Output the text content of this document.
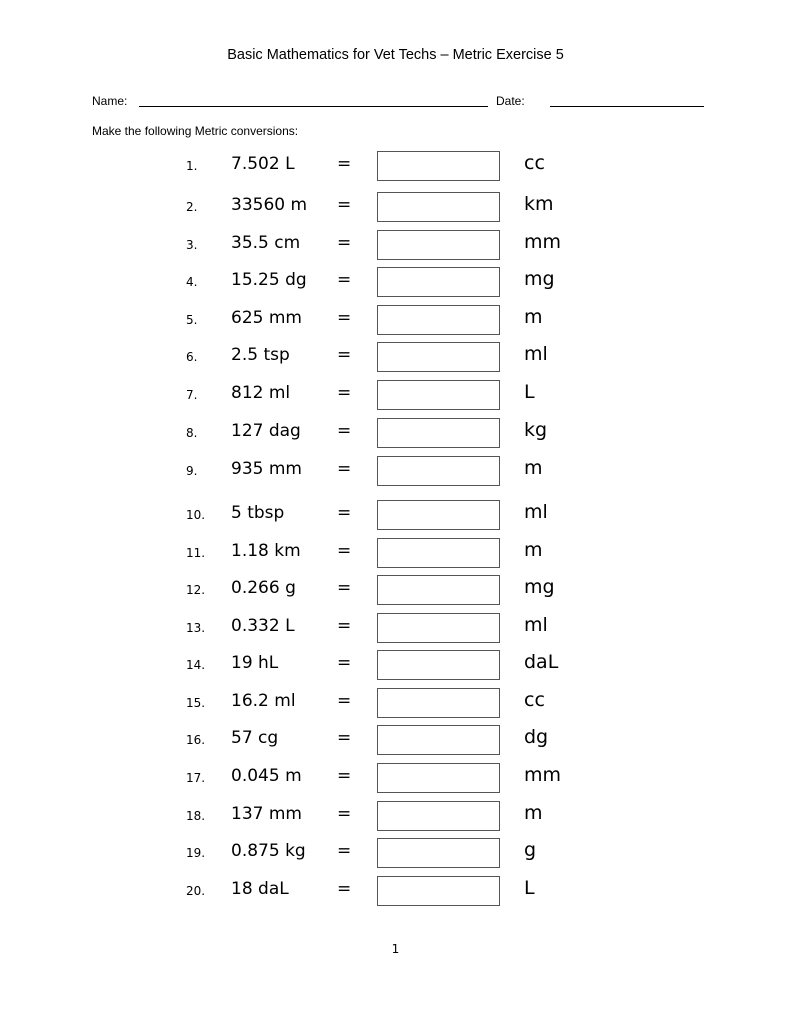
Basic Mathematics for Vet Techs – Metric Exercise 5
Name:	Date:
Make the following Metric conversions:
1. 7.502 L =	cc
2. 33560 m =	km
3. 35.5 cm =	mm
4. 15.25 dg =	mg
5. 625 mm =	m
6. 2.5 tsp	=	ml
7. 812 ml	=	L
8. 127 dag =	kg
9. 935 mm =	m
10. 5 tbsp	=	ml
11. 1.18 km =	m
12. 0.266 g =	mg
13. 0.332 L =	ml
14. 19 hL	=	daL
15. 16.2 ml =	cc
16. 57 cg	=	dg
17. 0.045 m =	mm
18. 137 mm =	m
19. 0.875 kg =	g
20. 18 daL	=	L
1
